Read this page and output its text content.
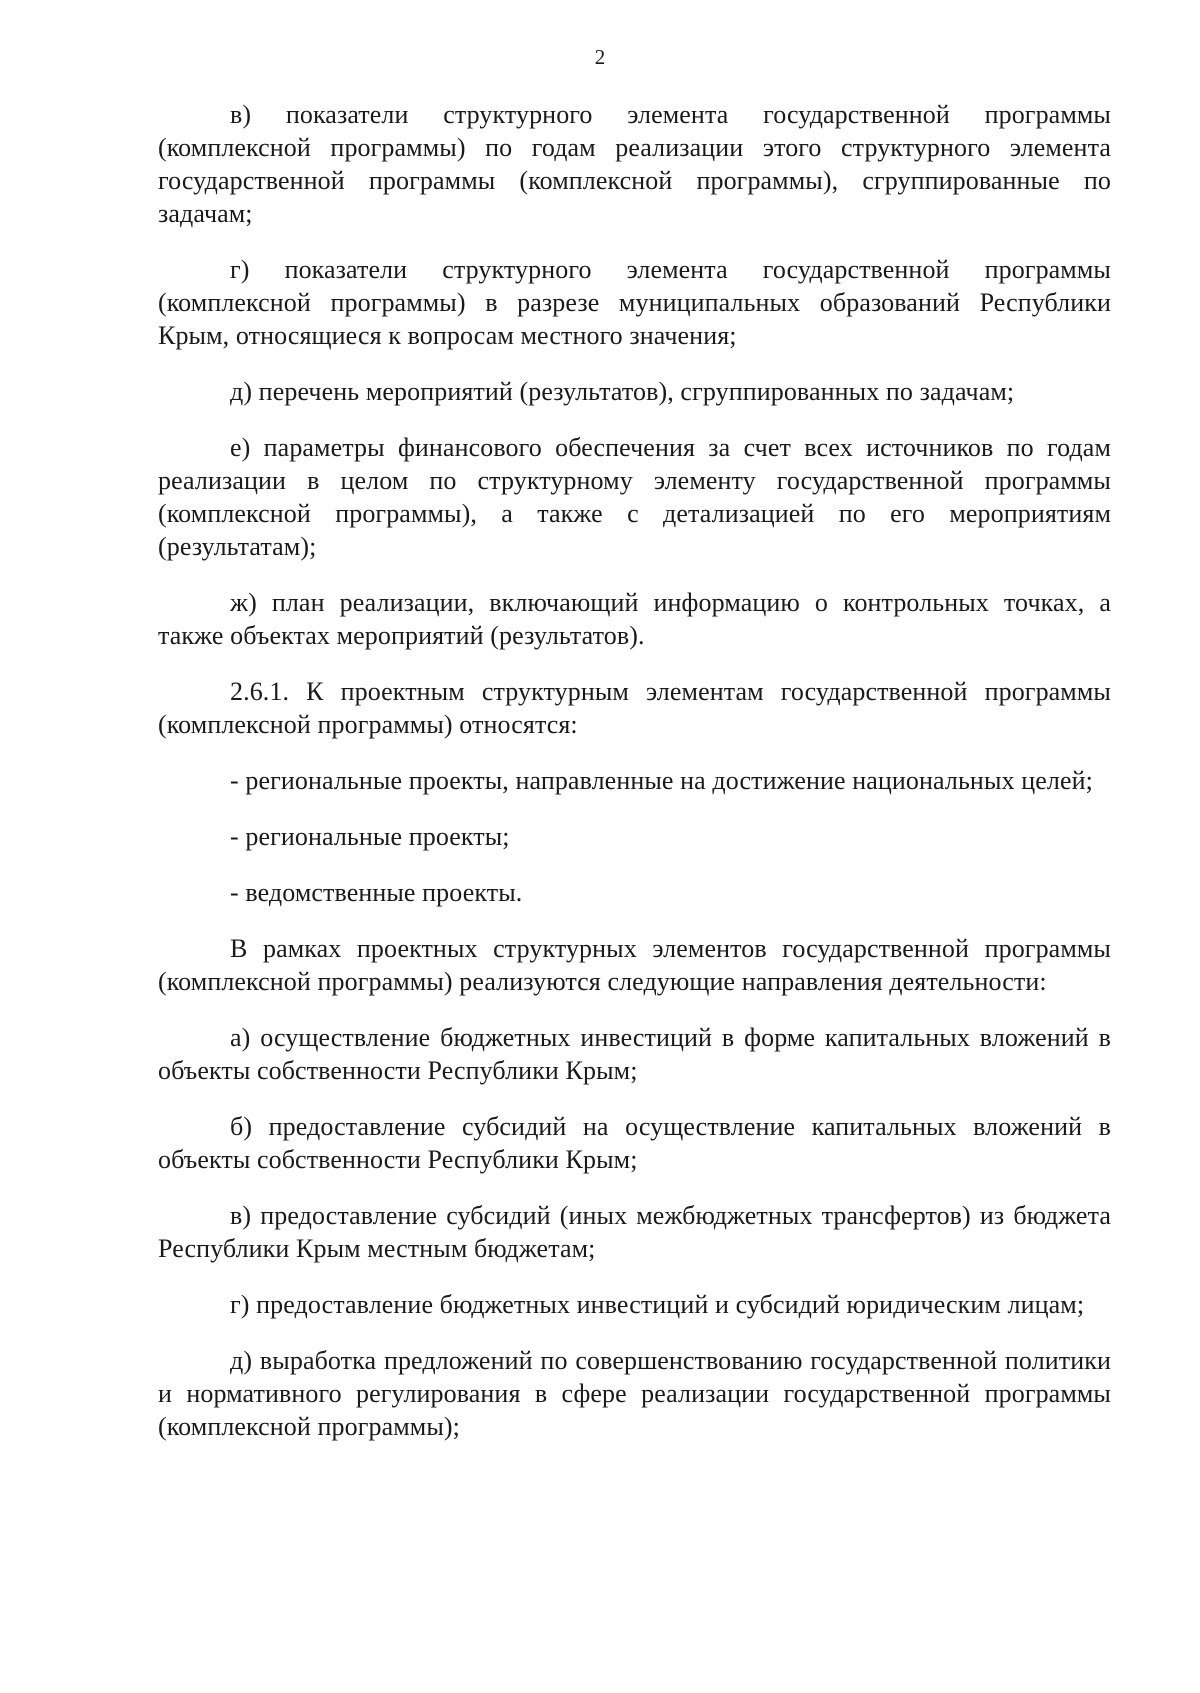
2

в) показатели структурного элемента государственной программы (комплексной программы) по годам реализации этого структурного элемента государственной программы (комплексной программы), сгруппированные по задачам;

г) показатели структурного элемента государственной программы (комплексной программы) в разрезе муниципальных образований Республики Крым, относящиеся к вопросам местного значения;

д) перечень мероприятий (результатов), сгруппированных по задачам;

е) параметры финансового обеспечения за счет всех источников по годам реализации в целом по структурному элементу государственной программы (комплексной программы), а также с детализацией по его мероприятиям (результатам);

ж) план реализации, включающий информацию о контрольных точках, а также объектах мероприятий (результатов).

2.6.1. К проектным структурным элементам государственной программы (комплексной программы) относятся:

- региональные проекты, направленные на достижение национальных целей;

- региональные проекты;

- ведомственные проекты.

В рамках проектных структурных элементов государственной программы (комплексной программы) реализуются следующие направления деятельности:

а) осуществление бюджетных инвестиций в форме капитальных вложений в объекты собственности Республики Крым;

б) предоставление субсидий на осуществление капитальных вложений в объекты собственности Республики Крым;

в) предоставление субсидий (иных межбюджетных трансфертов) из бюджета Республики Крым местным бюджетам;

г) предоставление бюджетных инвестиций и субсидий юридическим лицам;

д) выработка предложений по совершенствованию государственной политики и нормативного регулирования в сфере реализации государственной программы (комплексной программы);
